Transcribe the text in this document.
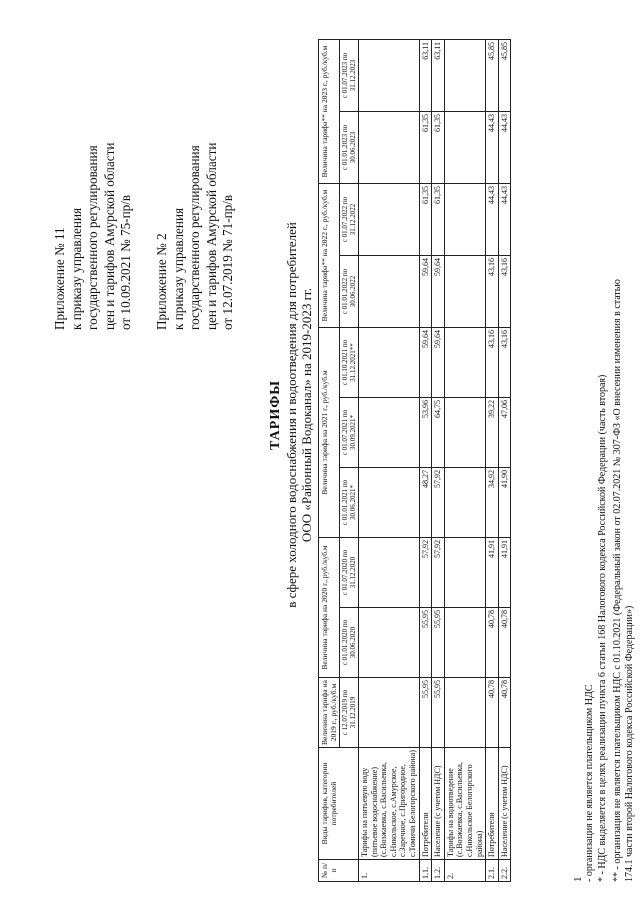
Приложение № 11 к приказу управления государственного регулирования цен и тарифов Амурской области от 10.09.2021 № 75-пр/в Приложение № 2 к приказу управления государственного регулирования цен и тарифов Амурской области от 12.07.2019 № 71-пр/в
ТАРИФЫ в сфере холодного водоснабжения и водоотведения для потребителей ООО «Районный Водоканал» на 2019-2023 гг.
№ п/п	Виды тарифов, категории потребителей	Величина тарифа на 2019 г., руб./куб.м	Величина тарифа на 2020 г., руб./куб.м		Величина тарифа на 2021 г., руб./куб.м			Величина тарифа** на 2022 г., руб./куб.м		Величина тарифа** на 2023 г., руб./куб.м	
		с 12.07.2019 по 31.12.2019	с 01.01.2020 по 30.06.2020	с 01.07.2020 по 31.12.2020	с 01.01.2021 по 30.06.2021*	с 01.07.2021 по 30.09.2021*	с 01.10.2021 по 31.12.2021**	с 01.01.2022 по 30.06.2022	с 01.07.2022 по 31.12.2022	с 01.01.2023 по 30.06.2023	с 01.07.2023 по 31.12.2023
1.	Тарифы на питьевую воду (питьевое водоснабжение) (с.Возжаевка, с.Васильевка, с.Никольское, с.Амурское, с.Заречное, с.Пригородное, с.Томичи Белогорского района)										
1.1.	Потребители	55,95	55,95	57,92	48,27	53,96	59,64	59,64	61,35	61,35	63,11
1.2.	Население (с учетом НДС)	55,95	55,95	57,92	57,92	64,75	59,64	59,64	61,35	61,35	63,11
2.	Тарифы на водоотведение (с.Возжаевка, с.Васильевка, с.Никольское Белогорского района)										
2.1.	Потребители	40,78	40,78	41,91	34,92	39,22	43,16	43,16	44,43	44,43	45,85
2.2.	Население (с учетом НДС)	40,78	40,78	41,91	41,90	47,06	43,16	43,16	44,43	44,43	45,85
1 - организация не является плательщиком НДС * - НДС выделяется в целях реализации пункта 6 статьи 168 Налогового кодекса Российской Федерации (часть вторая) ** - организация не является плательщиком НДС с 01.10.2021 (Федеральный закон от 02.07.2021 № 307-ФЗ «О внесении изменения в статью 174.1 части второй Налогового кодекса Российской Федерации»)
